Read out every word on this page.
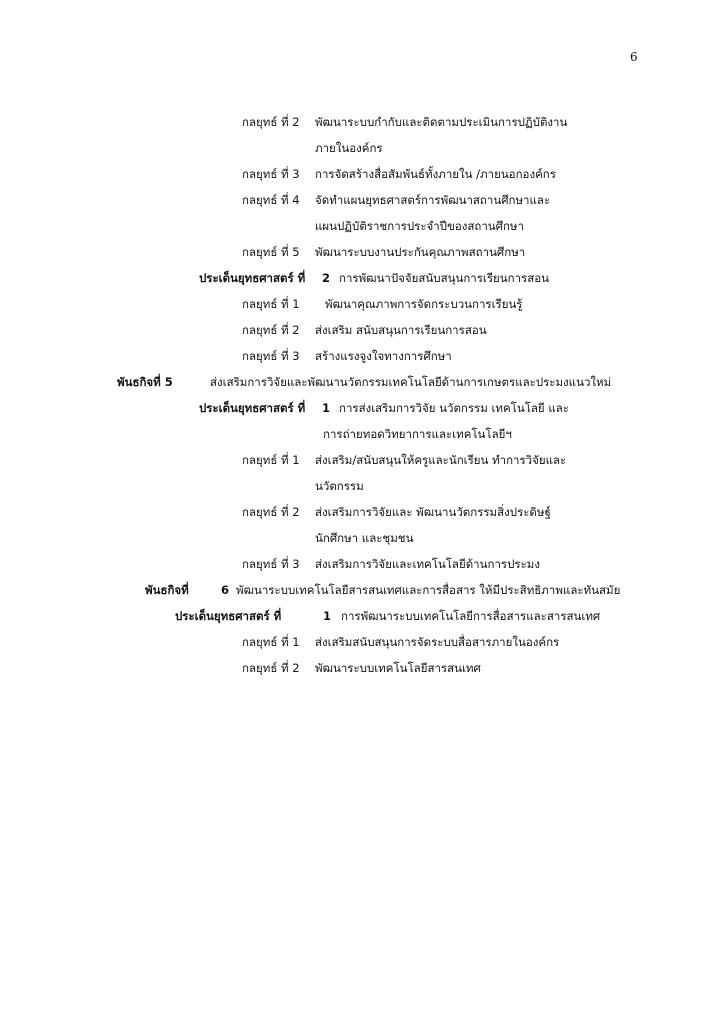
6
กลยุทธ์ ที่ 2 พัฒนาระบบกำกับและติดตามประเมินการปฏิบัติงาน
ภายในองค์กร
กลยุทธ์ ที่ 3 การจัดสร้างสื่อสัมพันธ์ทั้งภายใน /ภายนอกองค์กร
กลยุทธ์ ที่ 4 จัดทำแผนยุทธศาสตร์การพัฒนาสถานศึกษาและ
แผนปฏิบัติราชการประจำปีของสถานศึกษา
กลยุทธ์ ที่ 5 พัฒนาระบบงานประกันคุณภาพสถานศึกษา
ประเด็นยุทธศาสตร์ ที่ 2 การพัฒนาปัจจัยสนับสนุนการเรียนการสอน
กลยุทธ์ ที่ 1 พัฒนาคุณภาพการจัดกระบวนการเรียนรู้
กลยุทธ์ ที่ 2 ส่งเสริม สนับสนุนการเรียนการสอน
กลยุทธ์ ที่ 3 สร้างแรงจูงใจทางการศึกษา
พันธกิจที่ 5	ส่งเสริมการวิจัยและพัฒนานวัตกรรมเทคโนโลยีด้านการเกษตรและประมงแนวใหม่
ประเด็นยุทธศาสตร์ ที่ 1 การส่งเสริมการวิจัย นวัตกรรม เทคโนโลยี และ
การถ่ายทอดวิทยาการและเทคโนโลยีฯ
กลยุทธ์ ที่ 1 ส่งเสริม/สนับสนุนให้ครูและนักเรียน ทำการวิจัยและ
นวัตกรรม
กลยุทธ์ ที่ 2 ส่งเสริมการวิจัยและ พัฒนานวัตกรรมสิ่งประดิษฐ์
นักศึกษา และชุมชน
กลยุทธ์ ที่ 3 ส่งเสริมการวิจัยและเทคโนโลยีด้านการประมง
พันธกิจที่	6 พัฒนาระบบเทคโนโลยีสารสนเทศและการสื่อสาร ให้มีประสิทธิภาพและทันสมัย
ประเด็นยุทธศาสตร์ ที่	1 การพัฒนาระบบเทคโนโลยีการสื่อสารและสารสนเทศ
กลยุทธ์ ที่ 1 ส่งเสริมสนับสนุนการจัดระบบสื่อสารภายในองค์กร
กลยุทธ์ ที่ 2 พัฒนาระบบเทคโนโลยีสารสนเทศ
